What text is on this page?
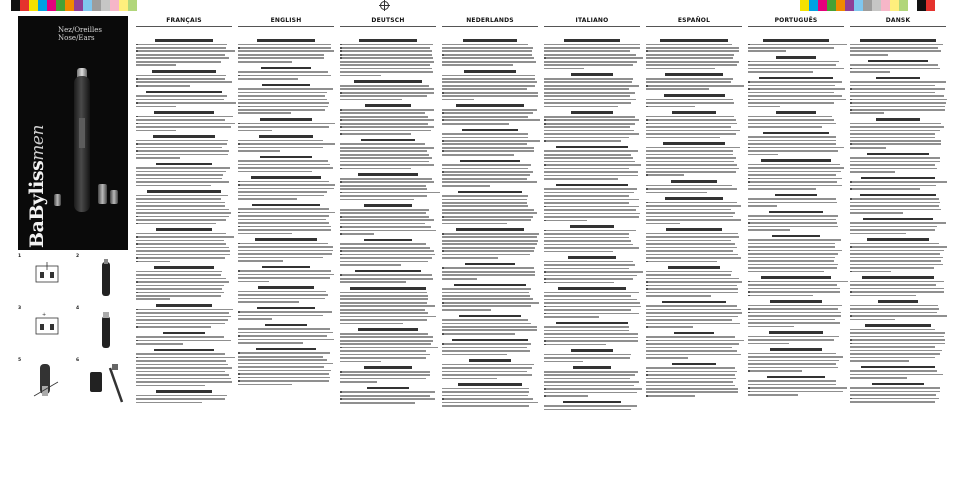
Nez/Oreilles
Nose/Ears
BaBylissmen
1	2
3
+
4
5	6
FRANÇAIS	ENGLISH	DEUTSCH	NEDERLANDS	ITALIANO	ESPAÑOL	PORTUGUÊS	DANSK
